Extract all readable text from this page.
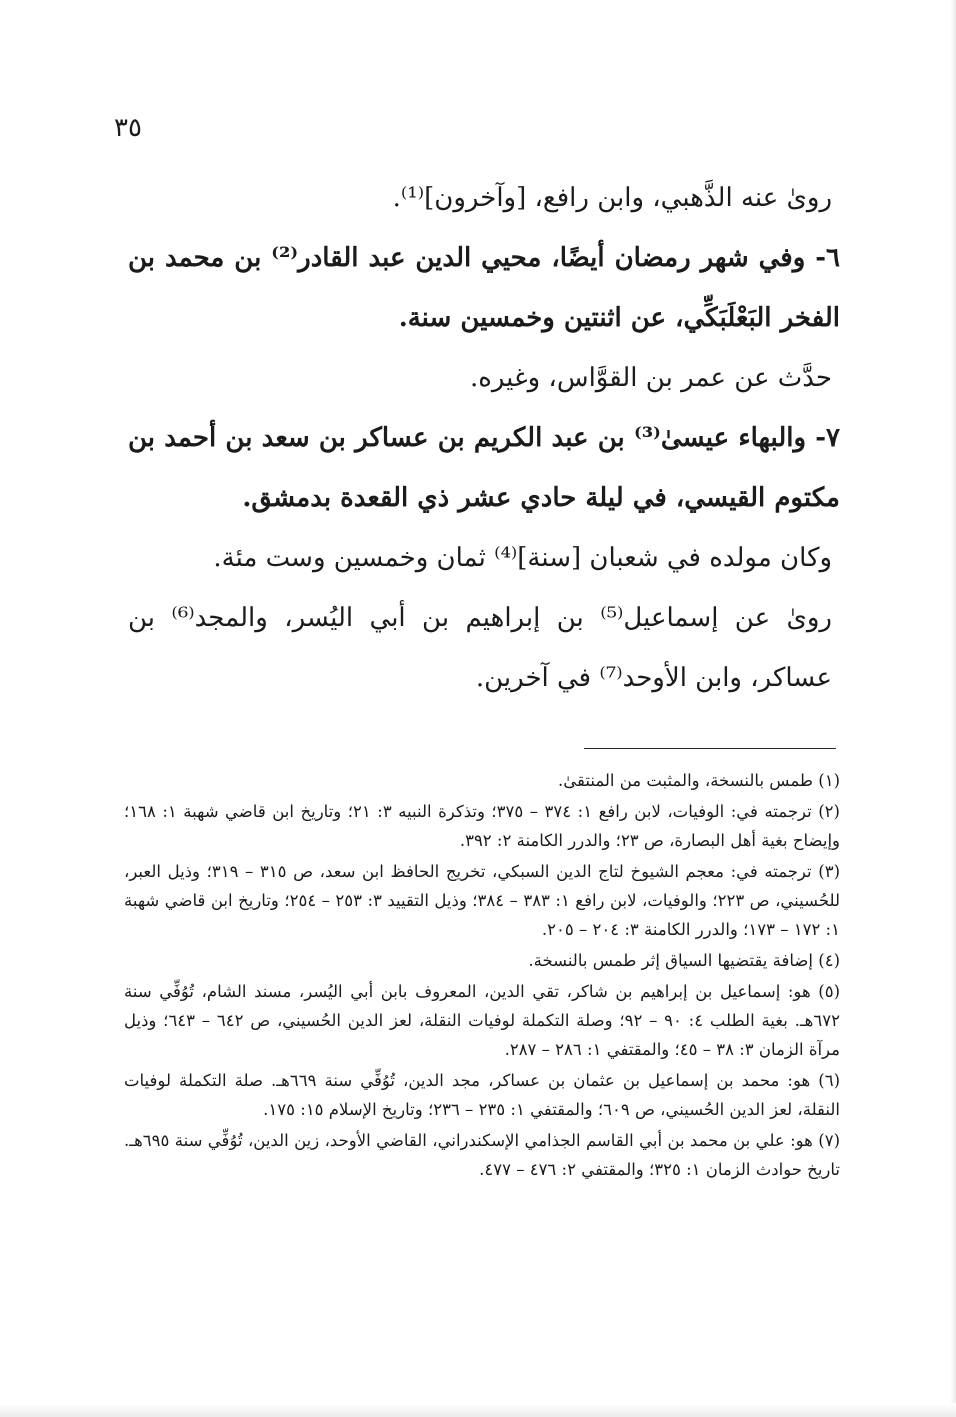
٣٥

روىٰ عنه الذَّهبي، وابن رافع، [وآخرون]⁽¹⁾.

٦- وفي شهر رمضان أيضًا، محيي الدين عبد القادر⁽²⁾ بن محمد بن الفخر البَعْلَبَكِّي، عن اثنتين وخمسين سنة.

حدَّث عن عمر بن القوَّاس، وغيره.

٧- والبهاء عيسىٰ⁽³⁾ بن عبد الكريم بن عساكر بن سعد بن أحمد بن مكتوم القيسي، في ليلة حادي عشر ذي القعدة بدمشق.

وكان مولده في شعبان [سنة]⁽⁴⁾ ثمان وخمسين وست مئة.

روىٰ عن إسماعيل⁽⁵⁾ بن إبراهيم بن أبي اليُسر، والمجد⁽⁶⁾ بن عساكر، وابن الأوحد⁽⁷⁾ في آخرين.

(١) طمس بالنسخة، والمثبت من المنتقىٰ.

(٢) ترجمته في: الوفيات، لابن رافع ١: ٣٧٤ – ٣٧٥؛ وتذكرة النبيه ٣: ٢١؛ وتاريخ ابن قاضي شهبة ١: ١٦٨؛ وإيضاح بغية أهل البصارة، ص ٢٣؛ والدرر الكامنة ٢: ٣٩٢.

(٣) ترجمته في: معجم الشيوخ لتاج الدين السبكي، تخريج الحافظ ابن سعد، ص ٣١٥ – ٣١٩؛ وذيل العبر، للحُسيني، ص ٢٢٣؛ والوفيات، لابن رافع ١: ٣٨٣ – ٣٨٤؛ وذيل التقييد ٣: ٢٥٣ – ٢٥٤؛ وتاريخ ابن قاضي شهبة ١: ١٧٢ – ١٧٣؛ والدرر الكامنة ٣: ٢٠٤ – ٢٠٥.

(٤) إضافة يقتضيها السياق إثر طمس بالنسخة.

(٥) هو: إسماعيل بن إبراهيم بن شاكر، تقي الدين، المعروف بابن أبي اليُسر، مسند الشام، تُوُفِّي سنة ٦٧٢هـ. بغية الطلب ٤: ٩٠ – ٩٢؛ وصلة التكملة لوفيات النقلة، لعز الدين الحُسيني، ص ٦٤٢ – ٦٤٣؛ وذيل مرآة الزمان ٣: ٣٨ – ٤٥؛ والمقتفي ١: ٢٨٦ – ٢٨٧.

(٦) هو: محمد بن إسماعيل بن عثمان بن عساكر، مجد الدين، تُوُفِّي سنة ٦٦٩هـ. صلة التكملة لوفيات النقلة، لعز الدين الحُسيني، ص ٦٠٩؛ والمقتفي ١: ٢٣٥ – ٢٣٦؛ وتاريخ الإسلام ١٥: ١٧٥.

(٧) هو: علي بن محمد بن أبي القاسم الجذامي الإسكندراني، القاضي الأوحد، زين الدين، تُوُفِّي سنة ٦٩٥هـ. تاريخ حوادث الزمان ١: ٣٢٥؛ والمقتفي ٢: ٤٧٦ – ٤٧٧.
